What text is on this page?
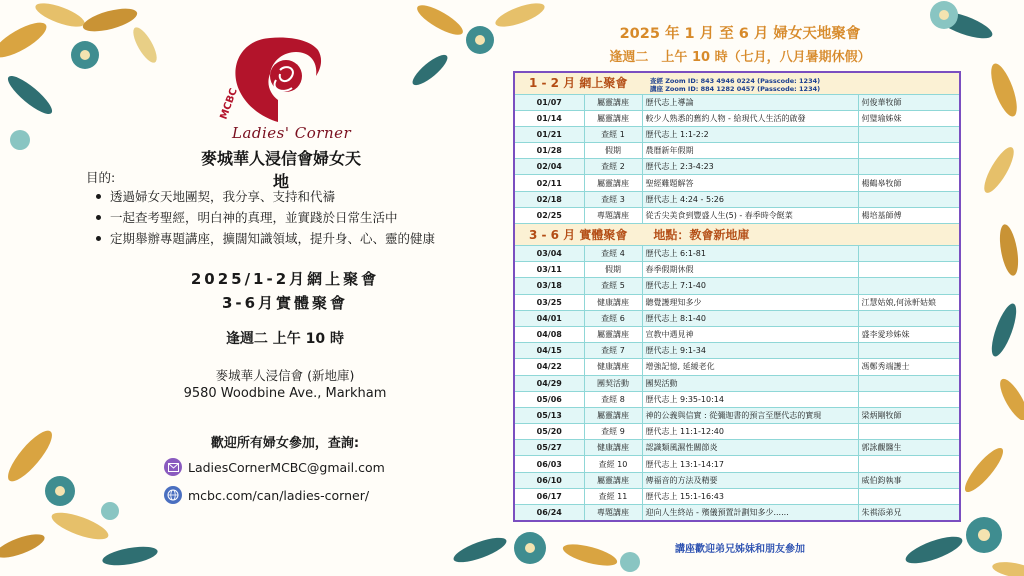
MCBC
Ladies' Corner
麥城華人浸信會婦女天地
目的:
透過婦女天地團契，我分享、支持和代禱
一起查考聖經，明白神的真理，並實踐於日常生活中
定期舉辦專題講座，擴闊知識領域，提升身、心、靈的健康
2025/1-2月網上聚會
3-6月實體聚會
逢週二 上午 10 時
麥城華人浸信會 (新地庫)
9580 Woodbine Ave., Markham
歡迎所有婦女參加，查詢:
LadiesCornerMCBC@gmail.com
mcbc.com/can/ladies-corner/
2025 年 1 月 至 6 月 婦女天地聚會
逢週二　上午 10 時（七月，八月暑期休假）
1 - 2 月 網上聚會 查經 Zoom ID: 843 4946 0224 (Passcode: 1234)
講座 Zoom ID: 884 1282 0457 (Passcode: 1234)			
01/07	屬靈講座	歷代志上導論	何俊華牧師
01/14	屬靈講座	較少人熟悉的舊約人物 - 給現代人生活的啟發	何璧瑜姊妹
01/21	查經 1	歷代志上 1:1-2:2	
01/28	假期	農曆新年假期	
02/04	查經 2	歷代志上 2:3-4:23	
02/11	屬靈講座	聖經難題解答	楊鶴皋牧師
02/18	查經 3	歷代志上 4:24 - 5:26	
02/25	專題講座	從舌尖美食到豐盛人生(5) - 春季時令餸菜	楊培基師傅
3 - 6 月 實體聚會 地點：教會新地庫			
03/04	查經 4	歷代志上 6:1-81	
03/11	假期	春季假期休假	
03/18	查經 5	歷代志上 7:1-40	
03/25	健康講座	聽覺護理知多少	江慧姑娘,何泳軒姑娘
04/01	查經 6	歷代志上 8:1-40	
04/08	屬靈講座	宣教中遇見神	盛李愛珍姊妹
04/15	查經 7	歷代志上 9:1-34	
04/22	健康講座	增強記憶, 延緩老化	馮鄭秀端護士
04/29	團契活動	團契活動	
05/06	查經 8	歷代志上 9:35-10:14	
05/13	屬靈講座	神的公義與信實 : 從彌迦書的預言至歷代志的實現	梁炳剛牧師
05/20	查經 9	歷代志上 11:1-12:40	
05/27	健康講座	認識類風濕性關節炎	郭詠觀醫生
06/03	查經 10	歷代志上 13:1-14:17	
06/10	屬靈講座	傳福音的方法及精要	威伯鈞執事
06/17	查經 11	歷代志上 15:1-16:43	
06/24	專題講座	迎向人生終站 - 殯儀預置計劃知多少......	朱祺添弟兄
講座歡迎弟兄姊妹和朋友參加
